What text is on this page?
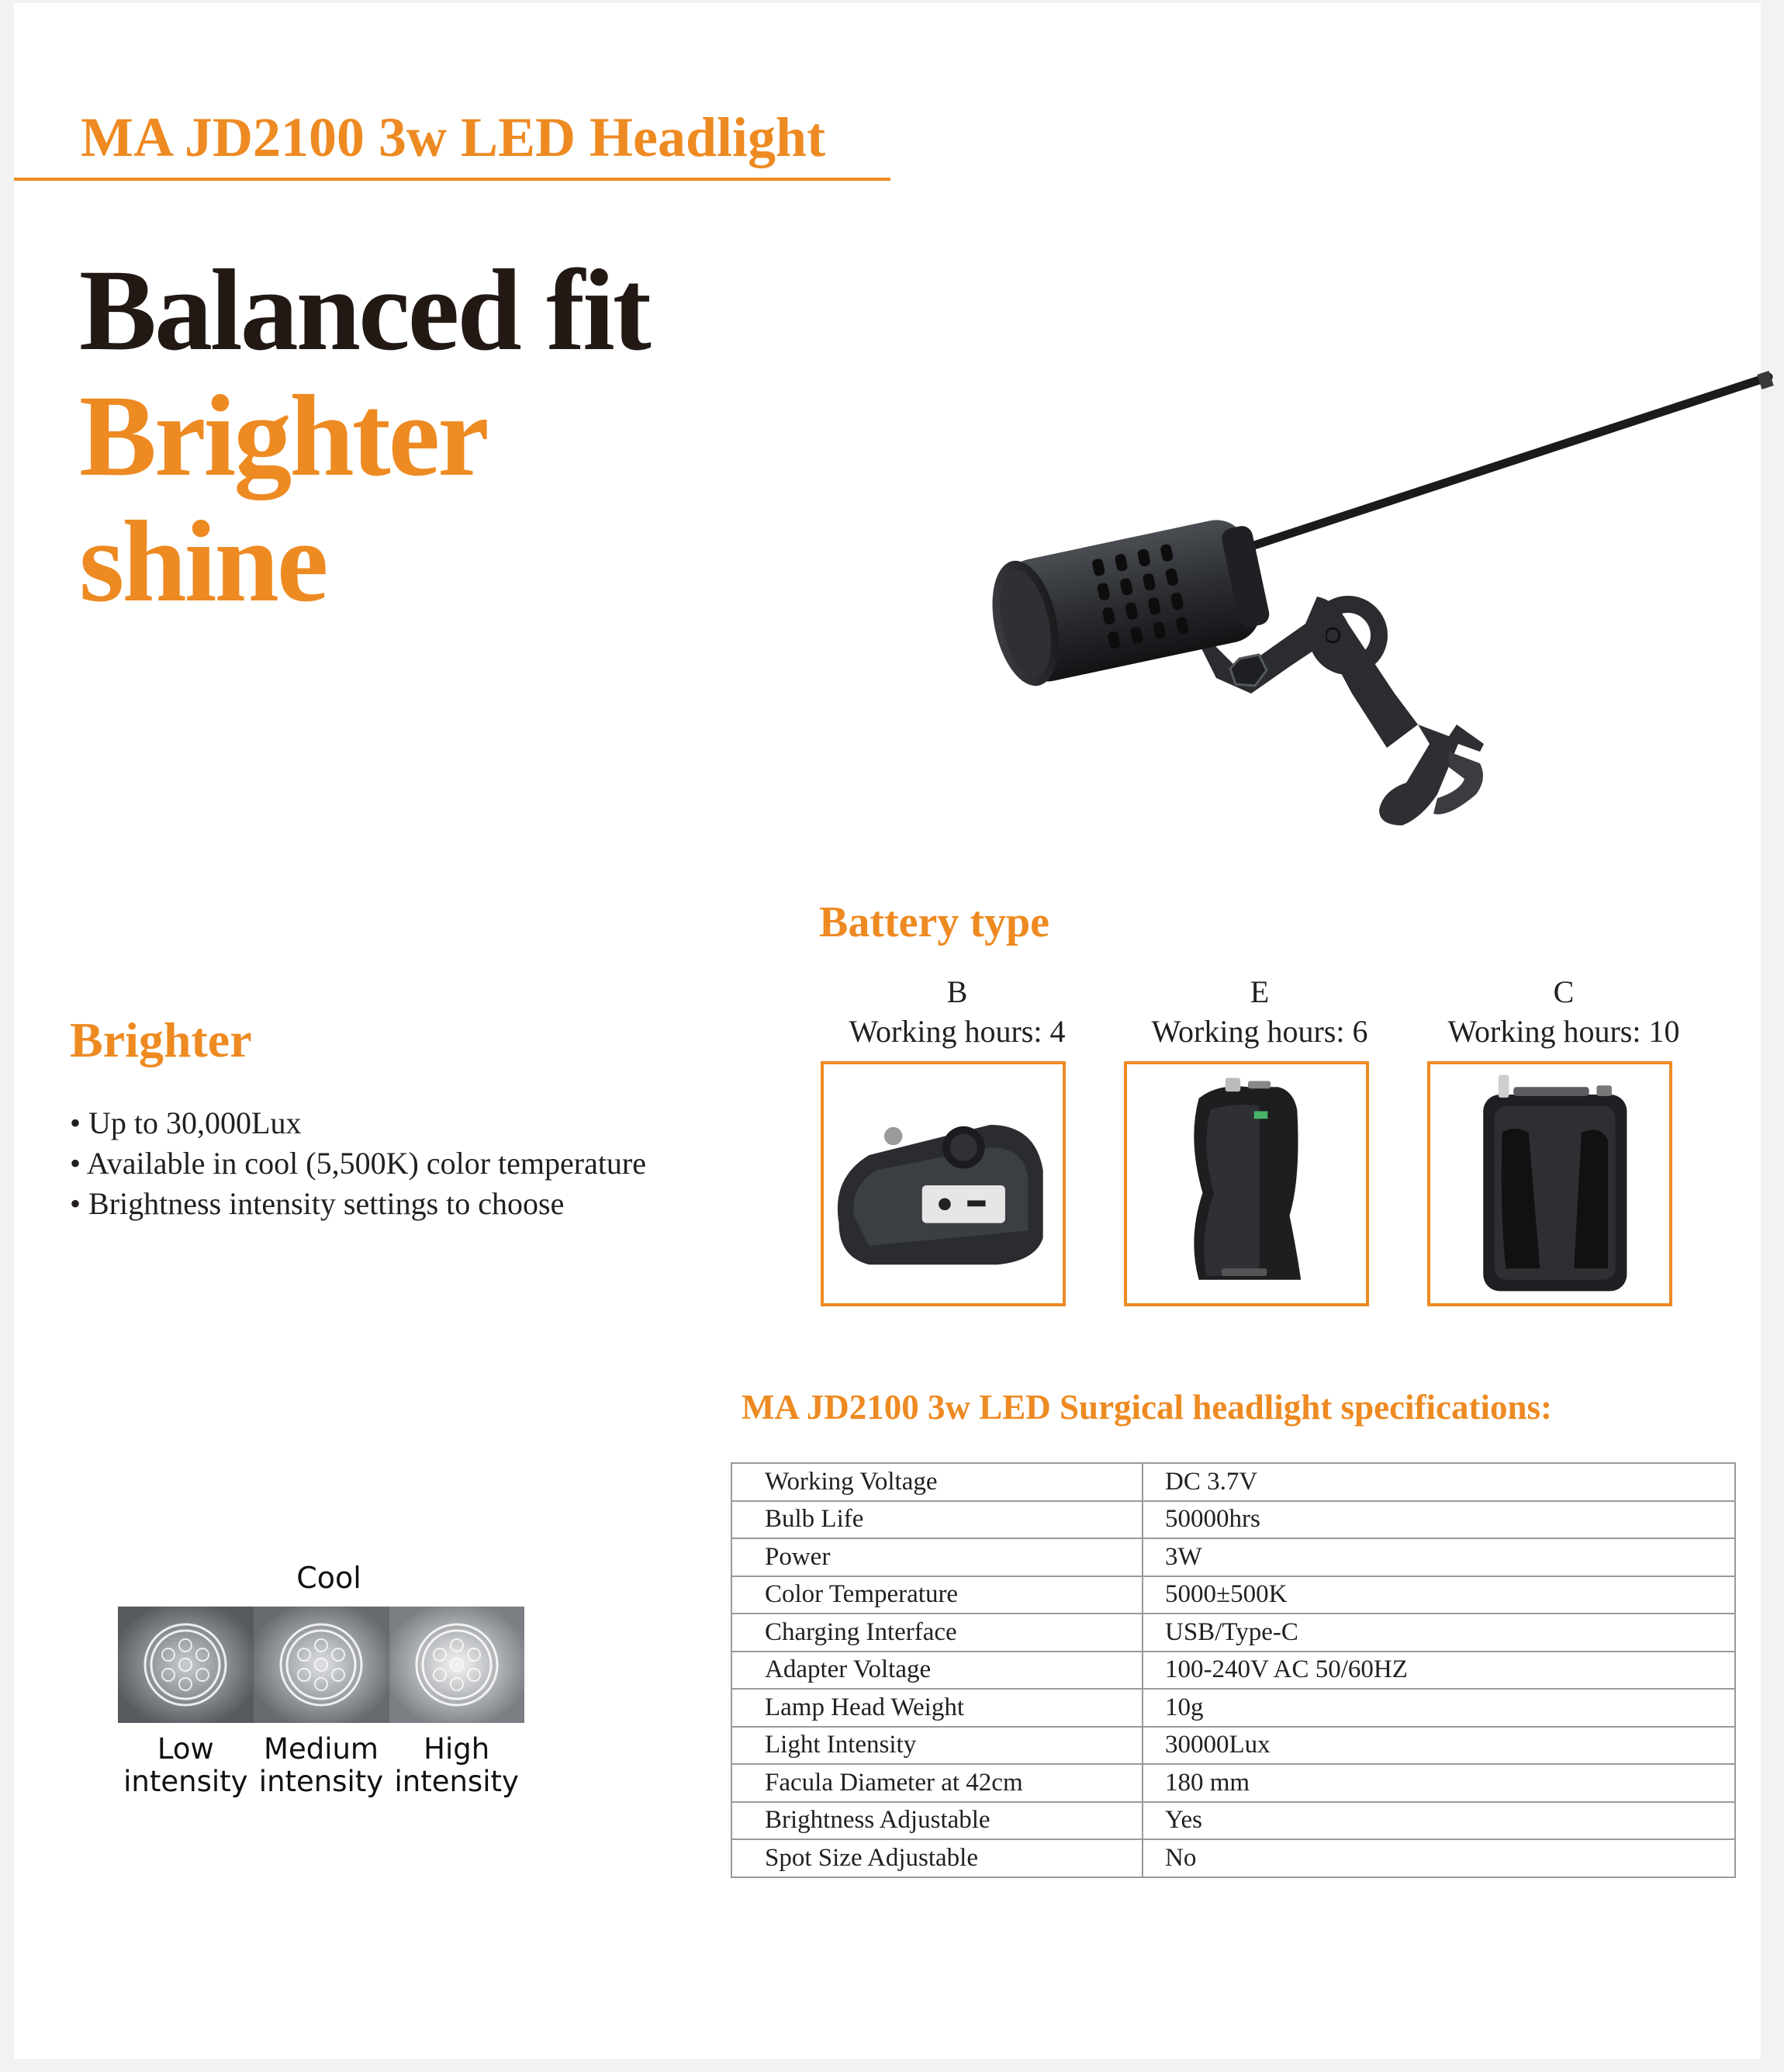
MA JD2100 3w LED Headlight
Balanced fit
Brighter
shine
Battery type
B
Working hours: 4
E
Working hours: 6
C
Working hours: 10
Brighter
• Up to 30,000Lux
• Available in cool (5,500K) color temperature
• Brightness intensity settings to choose
Cool
Low
intensity
Medium
intensity
High
intensity
MA JD2100 3w LED Surgical headlight specifications:
Working Voltage	DC 3.7V
Bulb Life	50000hrs
Power	3W
Color Temperature	5000±500K
Charging Interface	USB/Type-C
Adapter Voltage	100-240V AC 50/60HZ
Lamp Head Weight	10g
Light Intensity	30000Lux
Facula Diameter at 42cm	180 mm
Brightness Adjustable	Yes
Spot Size Adjustable	No
